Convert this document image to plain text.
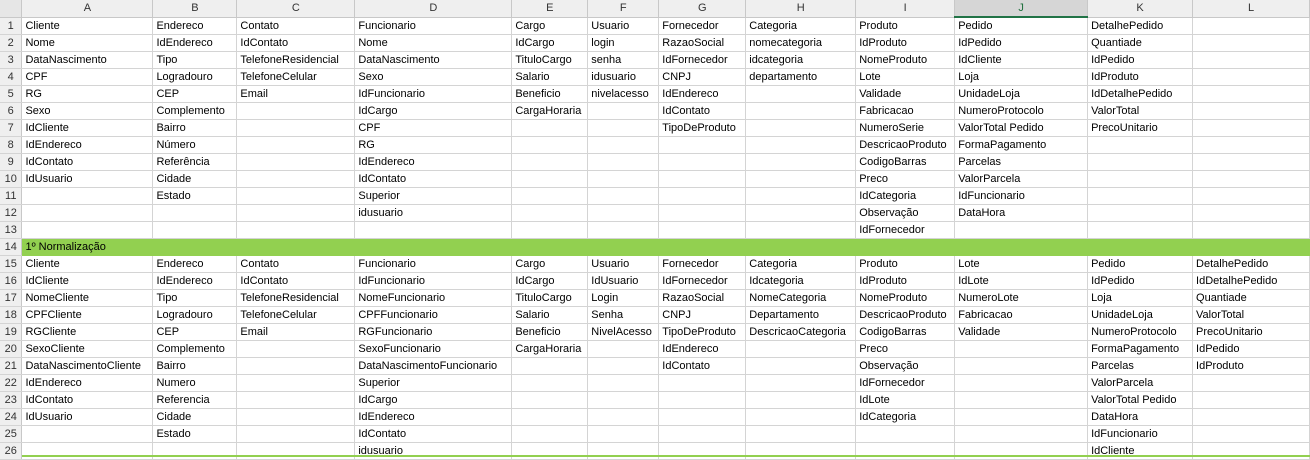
	A	B	C	D	E	F	G	H	I	J	K	L
1	Cliente	Endereco	Contato	Funcionario	Cargo	Usuario	Fornecedor	Categoria	Produto	Pedido	DetalhePedido	
2	Nome	IdEndereco	IdContato	Nome	IdCargo	login	RazaoSocial	nomecategoria	IdProduto	IdPedido	Quantiade	
3	DataNascimento	Tipo	TelefoneResidencial	DataNascimento	TituloCargo	senha	IdFornecedor	idcategoria	NomeProduto	IdCliente	IdPedido	
4	CPF	Logradouro	TelefoneCelular	Sexo	Salario	idusuario	CNPJ	departamento	Lote	Loja	IdProduto	
5	RG	CEP	Email	IdFuncionario	Beneficio	nivelacesso	IdEndereco		Validade	UnidadeLoja	IdDetalhePedido	
6	Sexo	Complemento		IdCargo	CargaHoraria		IdContato		Fabricacao	NumeroProtocolo	ValorTotal	
7	IdCliente	Bairro		CPF			TipoDeProduto		NumeroSerie	ValorTotal Pedido	PrecoUnitario	
8	IdEndereco	Número		RG					DescricaoProduto	FormaPagamento		
9	IdContato	Referência		IdEndereco					CodigoBarras	Parcelas		
10	IdUsuario	Cidade		IdContato					Preco	ValorParcela		
11		Estado		Superior					IdCategoria	IdFuncionario		
12				idusuario					Observação	DataHora		
13									IdFornecedor			
14	1º Normalização											
15	Cliente	Endereco	Contato	Funcionario	Cargo	Usuario	Fornecedor	Categoria	Produto	Lote	Pedido	DetalhePedido
16	IdCliente	IdEndereco	IdContato	IdFuncionario	IdCargo	IdUsuario	IdFornecedor	Idcategoria	IdProduto	IdLote	IdPedido	IdDetalhePedido
17	NomeCliente	Tipo	TelefoneResidencial	NomeFuncionario	TituloCargo	Login	RazaoSocial	NomeCategoria	NomeProduto	NumeroLote	Loja	Quantiade
18	CPFCliente	Logradouro	TelefoneCelular	CPFFuncionario	Salario	Senha	CNPJ	Departamento	DescricaoProduto	Fabricacao	UnidadeLoja	ValorTotal
19	RGCliente	CEP	Email	RGFuncionario	Beneficio	NivelAcesso	TipoDeProduto	DescricaoCategoria	CodigoBarras	Validade	NumeroProtocolo	PrecoUnitario
20	SexoCliente	Complemento		SexoFuncionario	CargaHoraria		IdEndereco		Preco		FormaPagamento	IdPedido
21	DataNascimentoCliente	Bairro		DataNascimentoFuncionario			IdContato		Observação		Parcelas	IdProduto
22	IdEndereco	Numero		Superior					IdFornecedor		ValorParcela	
23	IdContato	Referencia		IdCargo					IdLote		ValorTotal Pedido	
24	IdUsuario	Cidade		IdEndereco					IdCategoria		DataHora	
25		Estado		IdContato							IdFuncionario	
26				idusuario							IdCliente	
